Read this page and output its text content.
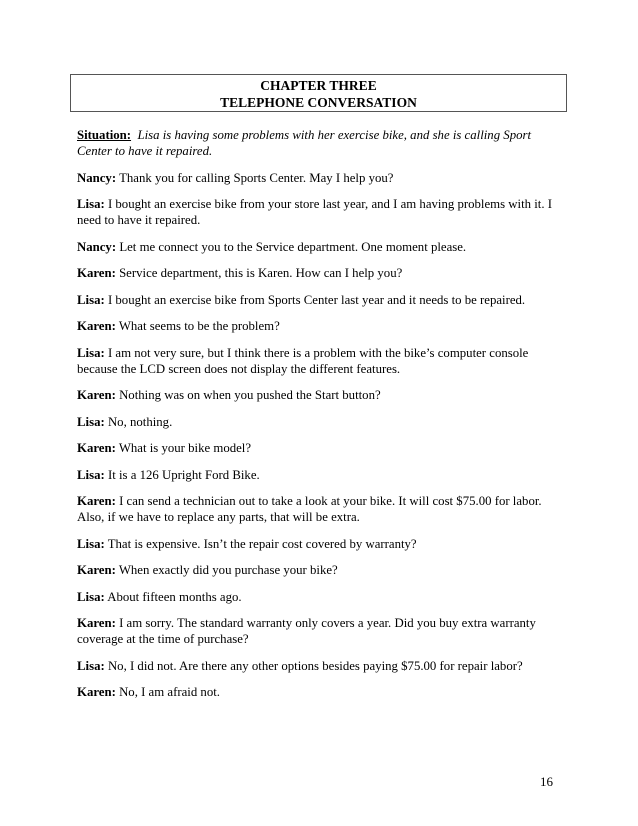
CHAPTER THREE
TELEPHONE CONVERSATION

Situation: Lisa is having some problems with her exercise bike, and she is calling Sport Center to have it repaired.

Nancy: Thank you for calling Sports Center. May I help you?

Lisa: I bought an exercise bike from your store last year, and I am having problems with it. I need to have it repaired.

Nancy: Let me connect you to the Service department. One moment please.

Karen: Service department, this is Karen. How can I help you?

Lisa: I bought an exercise bike from Sports Center last year and it needs to be repaired.

Karen: What seems to be the problem?

Lisa: I am not very sure, but I think there is a problem with the bike’s computer console because the LCD screen does not display the different features.

Karen: Nothing was on when you pushed the Start button?

Lisa: No, nothing.

Karen: What is your bike model?

Lisa: It is a 126 Upright Ford Bike.

Karen: I can send a technician out to take a look at your bike. It will cost $75.00 for labor. Also, if we have to replace any parts, that will be extra.

Lisa: That is expensive. Isn’t the repair cost covered by warranty?

Karen: When exactly did you purchase your bike?

Lisa: About fifteen months ago.

Karen: I am sorry. The standard warranty only covers a year. Did you buy extra warranty coverage at the time of purchase?

Lisa: No, I did not. Are there any other options besides paying $75.00 for repair labor?

Karen: No, I am afraid not.

16
